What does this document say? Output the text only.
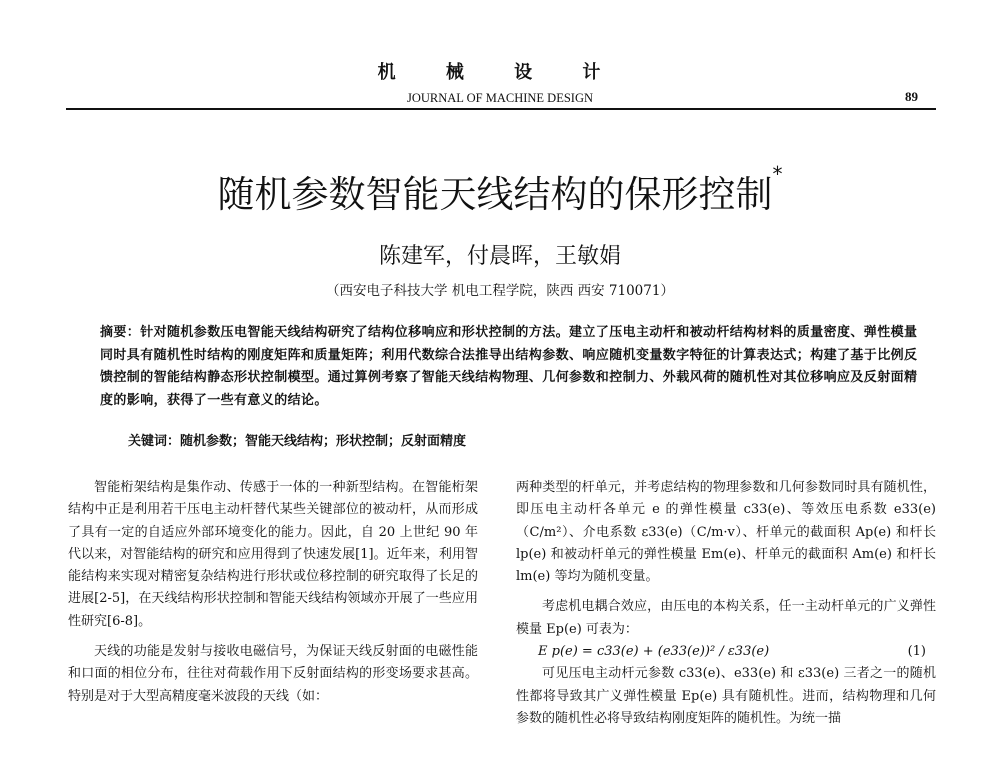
机 械 设 计
JOURNAL OF MACHINE DESIGN	89
随机参数智能天线结构的保形控制*
陈建军，付晨晖，王敏娟
（西安电子科技大学 机电工程学院，陕西 西安 710071）

摘要：针对随机参数压电智能天线结构研究了结构位移响应和形状控制的方法。建立了压电主动杆和被动杆结构材料的质量密度、弹性模量同时具有随机性时结构的刚度矩阵和质量矩阵；利用代数综合法推导出结构参数、响应随机变量数字特征的计算表达式；构建了基于比例反馈控制的智能结构静态形状控制模型。通过算例考察了智能天线结构物理、几何参数和控制力、外载风荷的随机性对其位移响应及反射面精度的影响，获得了一些有意义的结论。

关键词：随机参数；智能天线结构；形状控制；反射面精度

智能桁架结构是集作动、传感于一体的一种新型结构。在智能桁架结构中正是利用若干压电主动杆替代某些关键部位的被动杆，从而形成了具有一定的自适应外部环境变化的能力。因此，自 20 上世纪 90 年代以来，对智能结构的研究和应用得到了快速发展[1]。近年来，利用智能结构来实现对精密复杂结构进行形状或位移控制的研究取得了长足的进展[2-5]，在天线结构形状控制和智能天线结构领域亦开展了一些应用性研究[6-8]。

天线的功能是发射与接收电磁信号，为保证天线反射面的电磁性能和口面的相位分布，往往对荷载作用下反射面结构的形变场要求甚高。特别是对于大型高精度毫米波段的天线（如：

两种类型的杆单元，并考虑结构的物理参数和几何参数同时具有随机性，即压电主动杆各单元 e 的弹性模量 c33(e)、等效压电系数 e33(e)（C/m²）、介电系数 ε33(e)（C/m·v）、杆单元的截面积 Ap(e) 和杆长 lp(e) 和被动杆单元的弹性模量 Em(e)、杆单元的截面积 Am(e) 和杆长 lm(e) 等均为随机变量。

考虑机电耦合效应，由压电的本构关系，任一主动杆单元的广义弹性模量 Ep(e) 可表为：

E p(e) = c33(e) + (e33(e))² / ε33(e)	(1)

可见压电主动杆元参数 c33(e)、e33(e) 和 ε33(e) 三者之一的随机性都将导致其广义弹性模量 Ep(e) 具有随机性。进而，结构物理和几何参数的随机性必将导致结构刚度矩阵的随机性。为统一描
